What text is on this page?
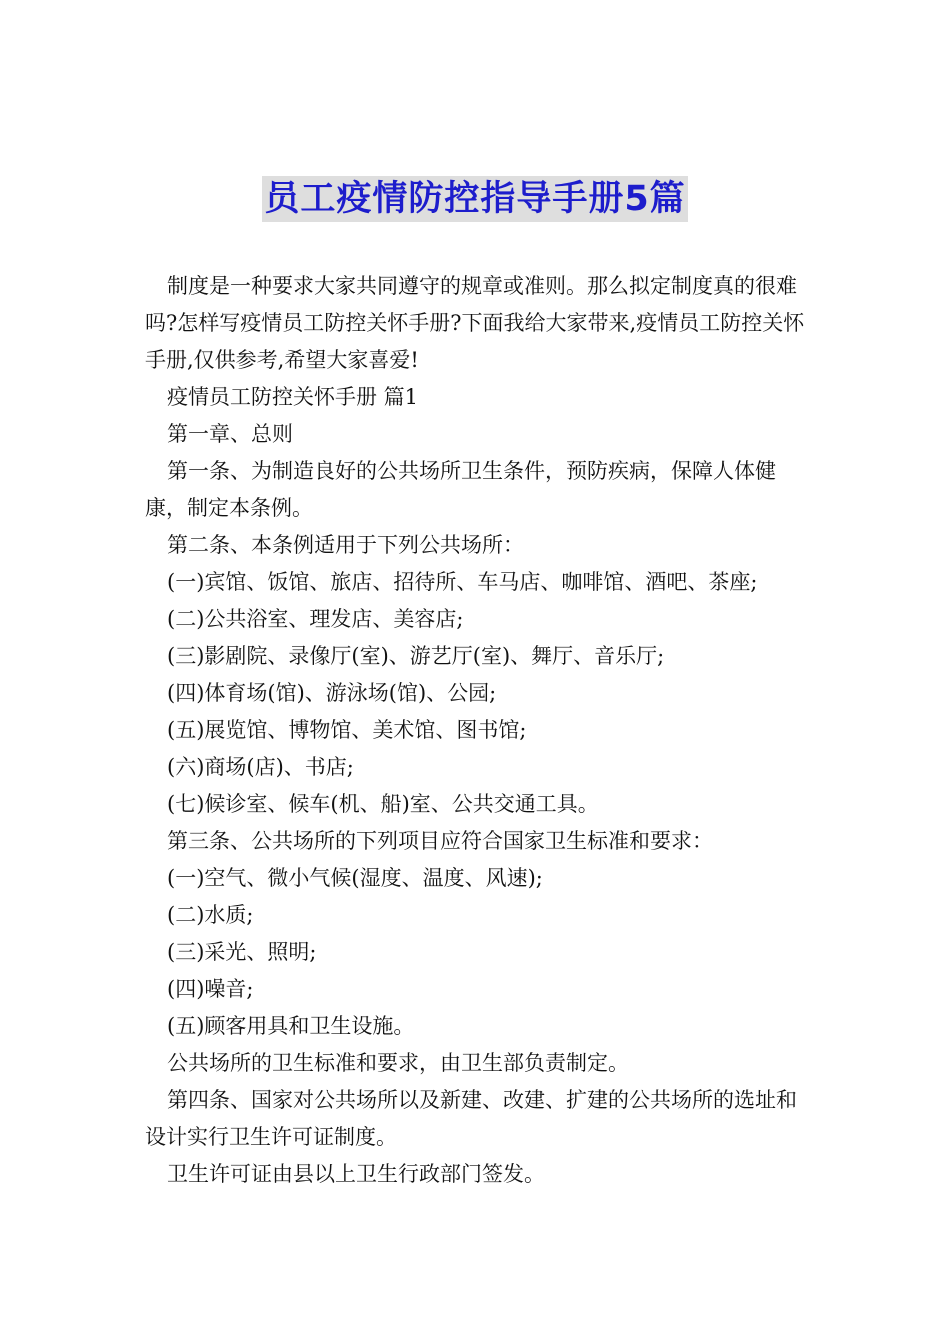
员工疫情防控指导手册5篇

制度是一种要求大家共同遵守的规章或准则。那么拟定制度真的很难吗?怎样写疫情员工防控关怀手册?下面我给大家带来,疫情员工防控关怀手册,仅供参考,希望大家喜爱!

疫情员工防控关怀手册 篇1

第一章、总则

第一条、为制造良好的公共场所卫生条件，预防疾病，保障人体健康，制定本条例。

第二条、本条例适用于下列公共场所：

(一)宾馆、饭馆、旅店、招待所、车马店、咖啡馆、酒吧、茶座;

(二)公共浴室、理发店、美容店;

(三)影剧院、录像厅(室)、游艺厅(室)、舞厅、音乐厅;

(四)体育场(馆)、游泳场(馆)、公园;

(五)展览馆、博物馆、美术馆、图书馆;

(六)商场(店)、书店;

(七)候诊室、候车(机、船)室、公共交通工具。

第三条、公共场所的下列项目应符合国家卫生标准和要求：

(一)空气、微小气候(湿度、温度、风速);

(二)水质;

(三)采光、照明;

(四)噪音;

(五)顾客用具和卫生设施。

公共场所的卫生标准和要求，由卫生部负责制定。

第四条、国家对公共场所以及新建、改建、扩建的公共场所的选址和设计实行卫生许可证制度。

卫生许可证由县以上卫生行政部门签发。
